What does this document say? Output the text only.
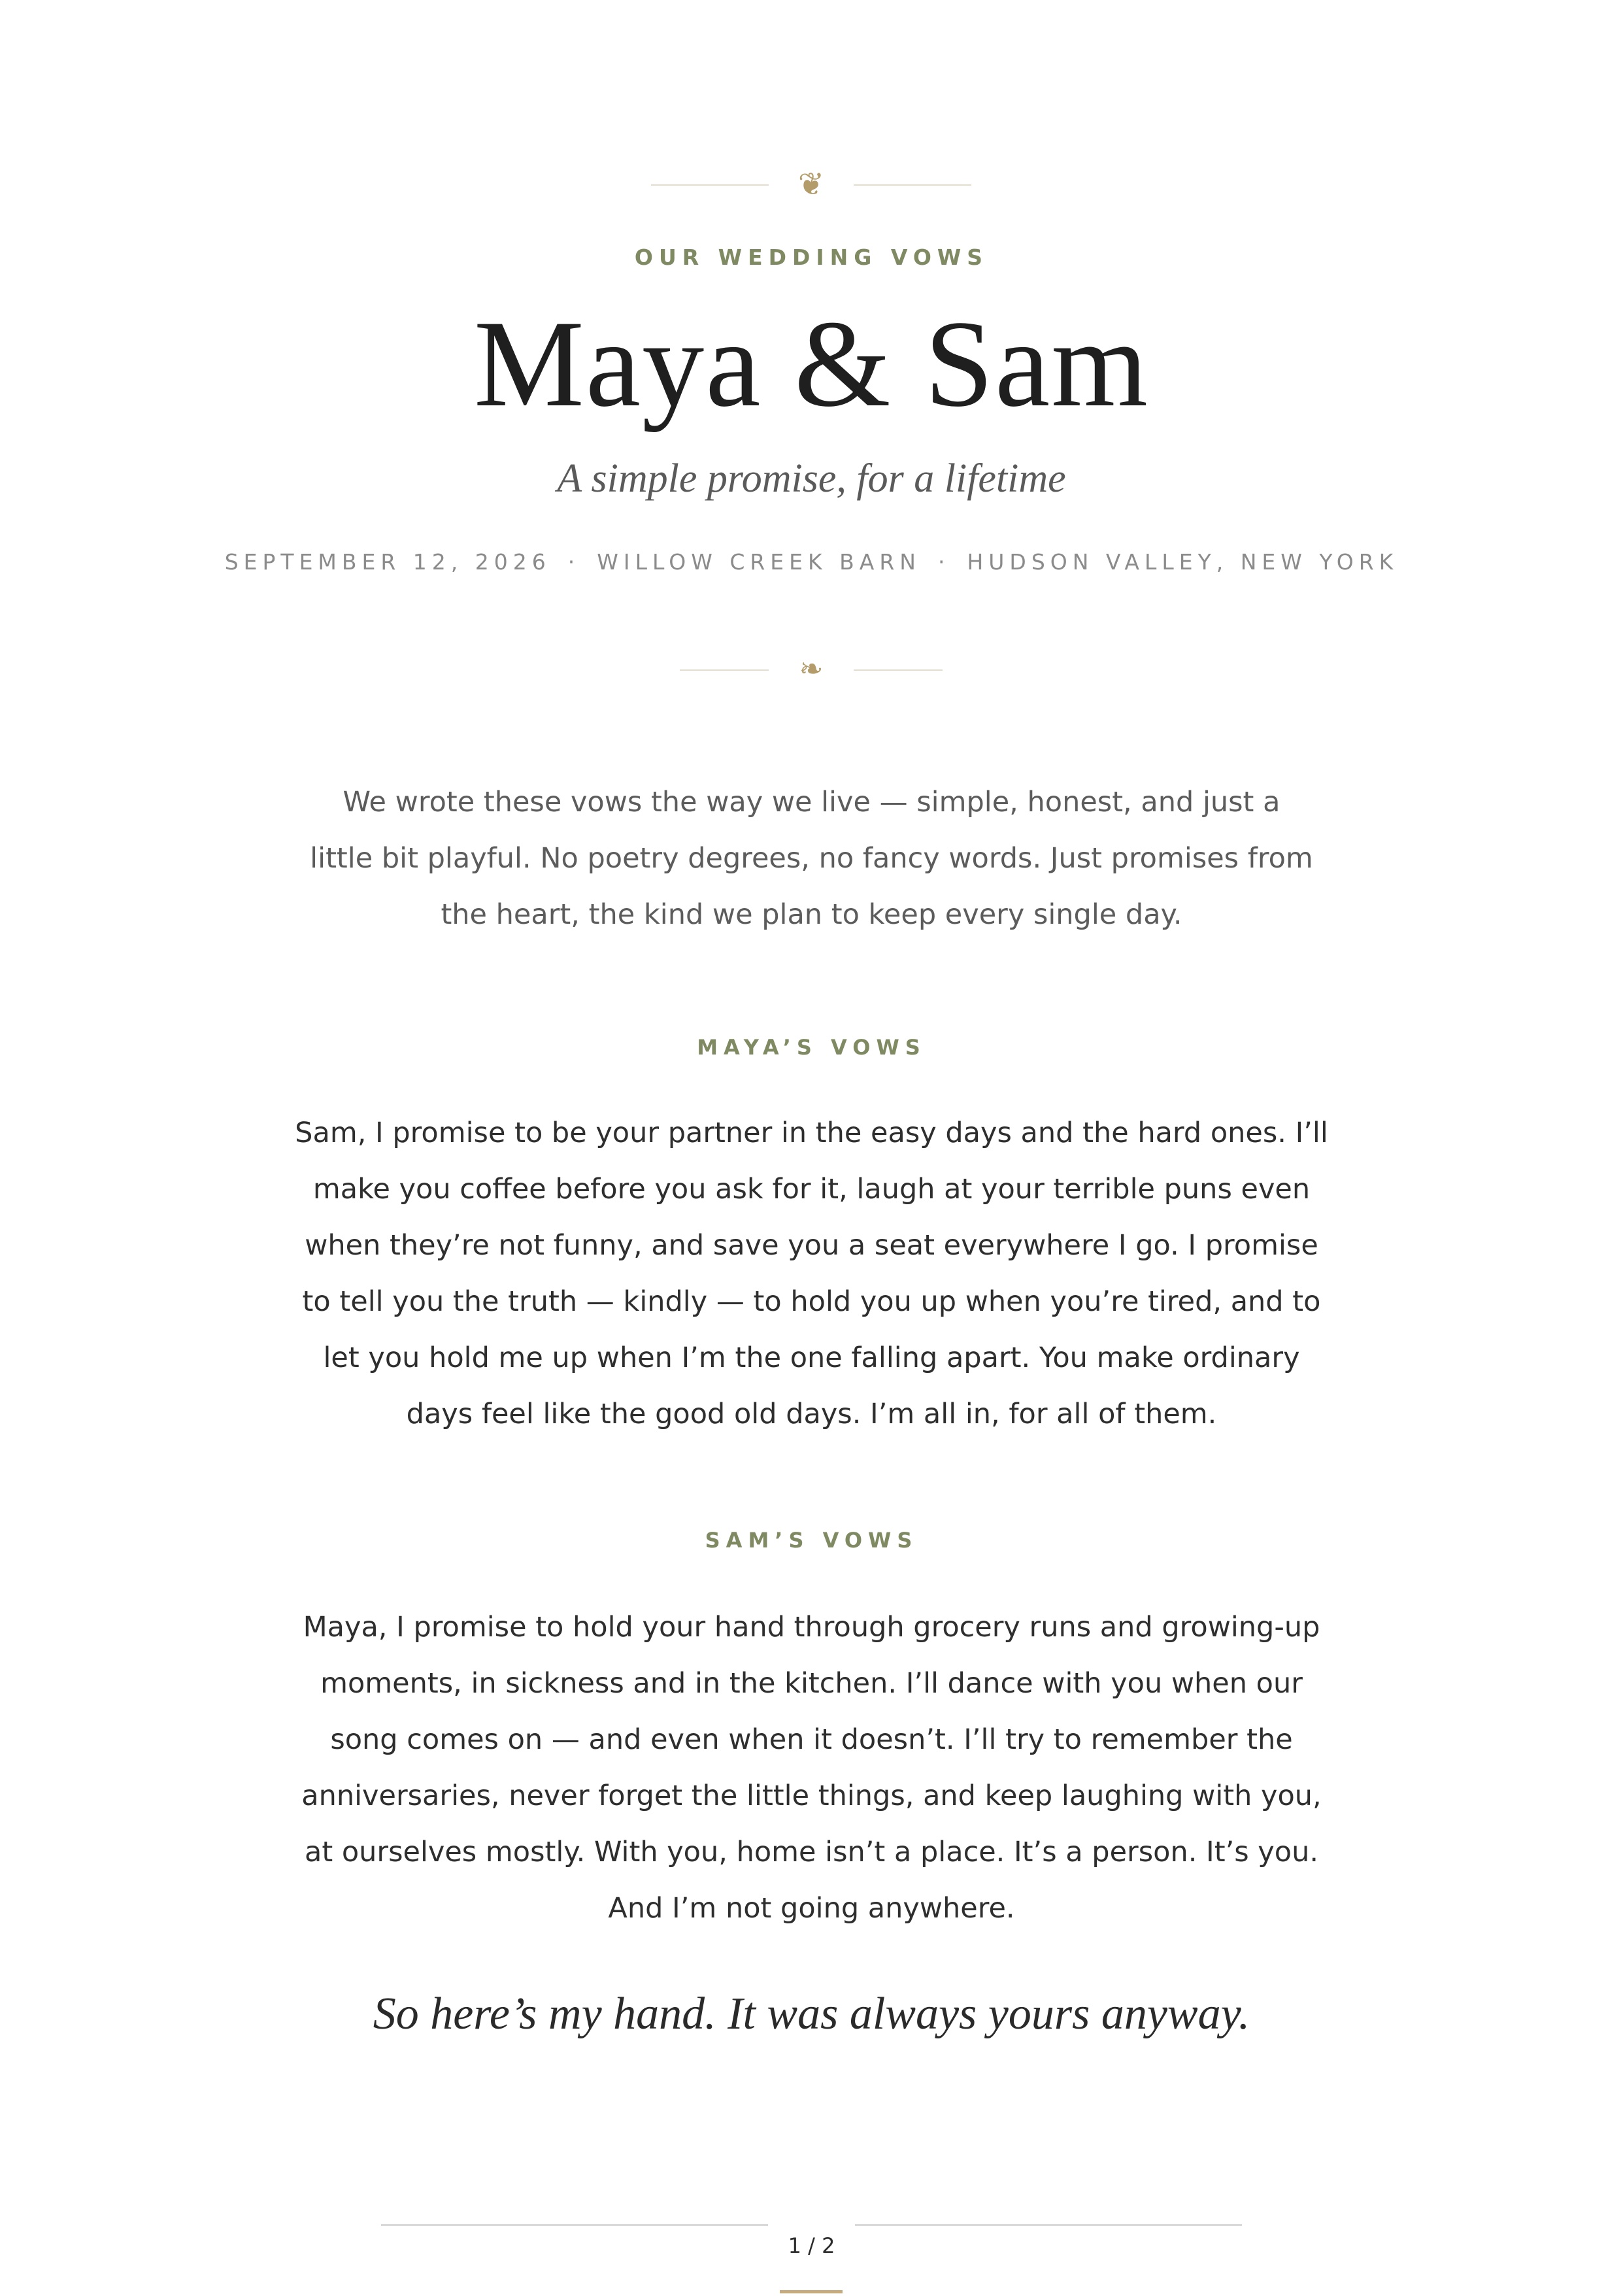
❦
OUR WEDDING VOWS
Maya & Sam
A simple promise, for a lifetime
SEPTEMBER 12, 2026 · WILLOW CREEK BARN · HUDSON VALLEY, NEW YORK
❧
We wrote these vows the way we live — simple, honest, and just a little bit playful. No poetry degrees, no fancy words. Just promises from the heart, the kind we plan to keep every single day.
MAYA’S VOWS
Sam, I promise to be your partner in the easy days and the hard ones. I’ll make you coffee before you ask for it, laugh at your terrible puns even when they’re not funny, and save you a seat everywhere I go. I promise to tell you the truth — kindly — to hold you up when you’re tired, and to let you hold me up when I’m the one falling apart. You make ordinary days feel like the good old days. I’m all in, for all of them.
SAM’S VOWS
Maya, I promise to hold your hand through grocery runs and growing-up moments, in sickness and in the kitchen. I’ll dance with you when our song comes on — and even when it doesn’t. I’ll try to remember the anniversaries, never forget the little things, and keep laughing with you, at ourselves mostly. With you, home isn’t a place. It’s a person. It’s you. And I’m not going anywhere.
So here’s my hand. It was always yours anyway.
1 / 2
